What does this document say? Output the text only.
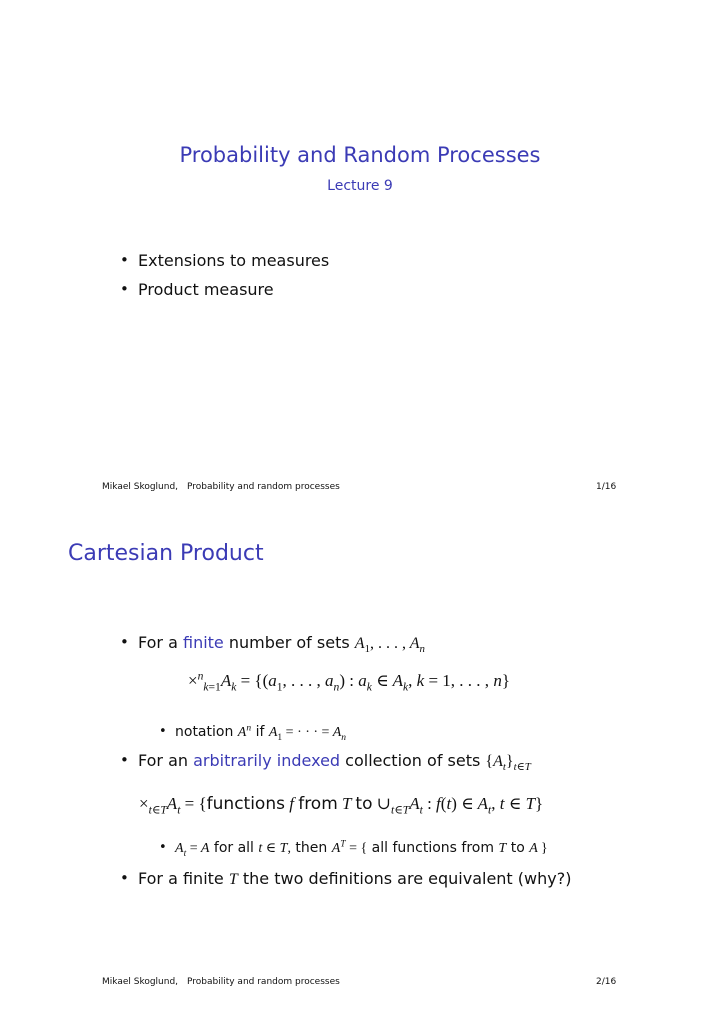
Probability and Random Processes
Lecture 9
• Extensions to measures
• Product measure
Mikael Skoglund, Probability and random processes	1/16
Cartesian Product
• For a finite number of sets $A_1$, . . . , $A_n$
$\times^n_{k=1}A_k = \{(a_1$, . . . , $a_n$) : $a_k$ ∈ $A_k$, k = 1, . . . , n}
• notation $A^n$ if $A_1$ = · · · = $A_n$
• For an arbitrarily indexed collection of sets $\{A_t\}_{t\in T}$
$\times_{t\in T}A_t$ = {functions f from T to $\cup_{t\in T}A_t$ : f(t) ∈ $A_t$, t ∈ T}
• $A_t = A$ for all t ∈ T, then $A^T$ = { all functions from T to A }
• For a finite T the two definitions are equivalent (why?)
Mikael Skoglund, Probability and random processes	2/16
